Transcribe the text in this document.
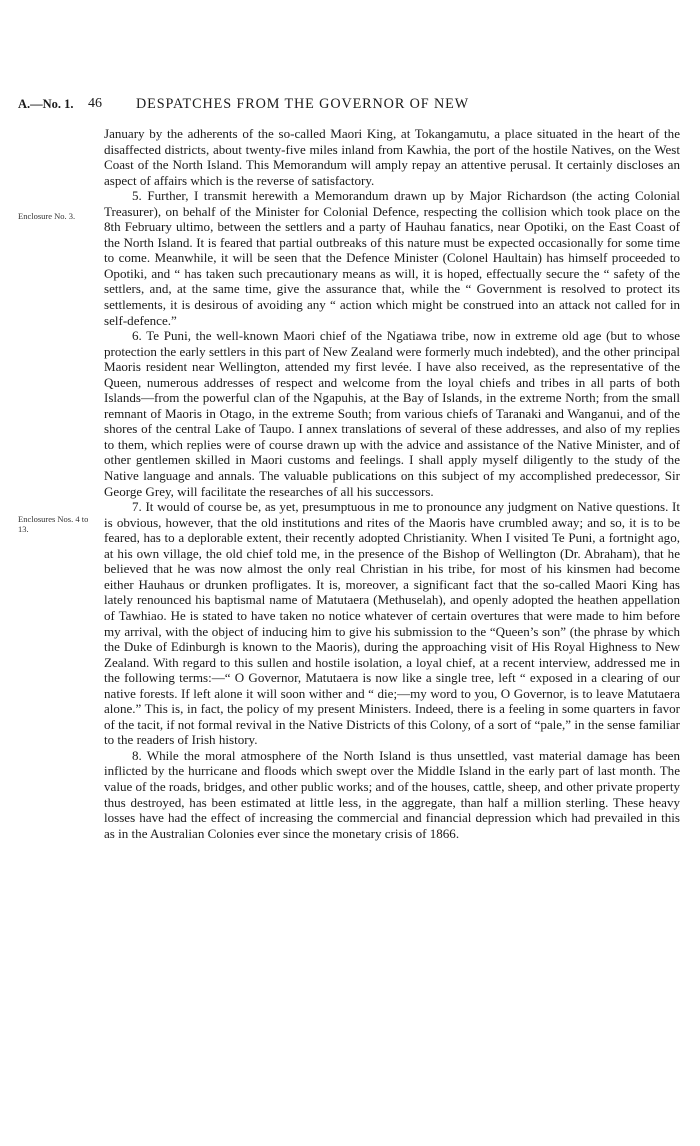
A.—No. 1. 46 DESPATCHES FROM THE GOVERNOR OF NEW
Enclosure No. 3.
Enclosures Nos. 4 to 13.

January by the adherents of the so-called Maori King, at Tokangamutu, a place situated in the heart of the disaffected districts, about twenty-five miles inland from Kawhia, the port of the hostile Natives, on the West Coast of the North Island. This Memorandum will amply repay an attentive perusal. It certainly discloses an aspect of affairs which is the reverse of satisfactory.

5. Further, I transmit herewith a Memorandum drawn up by Major Richardson (the acting Colonial Treasurer), on behalf of the Minister for Colonial Defence, respecting the collision which took place on the 8th February ultimo, between the settlers and a party of Hauhau fanatics, near Opotiki, on the East Coast of the North Island. It is feared that partial outbreaks of this nature must be expected occasionally for some time to come. Meanwhile, it will be seen that the Defence Minister (Colonel Haultain) has himself proceeded to Opotiki, and “ has taken such precautionary means as will, it is hoped, effectually secure the “ safety of the settlers, and, at the same time, give the assurance that, while the “ Government is resolved to protect its settlements, it is desirous of avoiding any “ action which might be construed into an attack not called for in self-defence.”

6. Te Puni, the well-known Maori chief of the Ngatiawa tribe, now in extreme old age (but to whose protection the early settlers in this part of New Zealand were formerly much indebted), and the other principal Maoris resident near Wellington, attended my first levée. I have also received, as the representative of the Queen, numerous addresses of respect and welcome from the loyal chiefs and tribes in all parts of both Islands—from the powerful clan of the Ngapuhis, at the Bay of Islands, in the extreme North; from the small remnant of Maoris in Otago, in the extreme South; from various chiefs of Taranaki and Wanganui, and of the shores of the central Lake of Taupo. I annex translations of several of these addresses, and also of my replies to them, which replies were of course drawn up with the advice and assistance of the Native Minister, and of other gentlemen skilled in Maori customs and feelings. I shall apply myself diligently to the study of the Native language and annals. The valuable publications on this subject of my accomplished predecessor, Sir George Grey, will facilitate the researches of all his successors.

7. It would of course be, as yet, presumptuous in me to pronounce any judgment on Native questions. It is obvious, however, that the old institutions and rites of the Maoris have crumbled away; and so, it is to be feared, has to a deplorable extent, their recently adopted Christianity. When I visited Te Puni, a fortnight ago, at his own village, the old chief told me, in the presence of the Bishop of Wellington (Dr. Abraham), that he believed that he was now almost the only real Christian in his tribe, for most of his kinsmen had become either Hauhaus or drunken profligates. It is, moreover, a significant fact that the so-called Maori King has lately renounced his baptismal name of Matutaera (Methuselah), and openly adopted the heathen appellation of Tawhiao. He is stated to have taken no notice whatever of certain overtures that were made to him before my arrival, with the object of inducing him to give his submission to the “Queen’s son” (the phrase by which the Duke of Edinburgh is known to the Maoris), during the approaching visit of His Royal Highness to New Zealand. With regard to this sullen and hostile isolation, a loyal chief, at a recent interview, addressed me in the following terms:—“ O Governor, Matutaera is now like a single tree, left “ exposed in a clearing of our native forests. If left alone it will soon wither and “ die;—my word to you, O Governor, is to leave Matutaera alone.” This is, in fact, the policy of my present Ministers. Indeed, there is a feeling in some quarters in favor of the tacit, if not formal revival in the Native Districts of this Colony, of a sort of “pale,” in the sense familiar to the readers of Irish history.

8. While the moral atmosphere of the North Island is thus unsettled, vast material damage has been inflicted by the hurricane and floods which swept over the Middle Island in the early part of last month. The value of the roads, bridges, and other public works; and of the houses, cattle, sheep, and other private property thus destroyed, has been estimated at little less, in the aggregate, than half a million sterling. These heavy losses have had the effect of increasing the commercial and financial depression which had prevailed in this as in the Australian Colonies ever since the monetary crisis of 1866.
